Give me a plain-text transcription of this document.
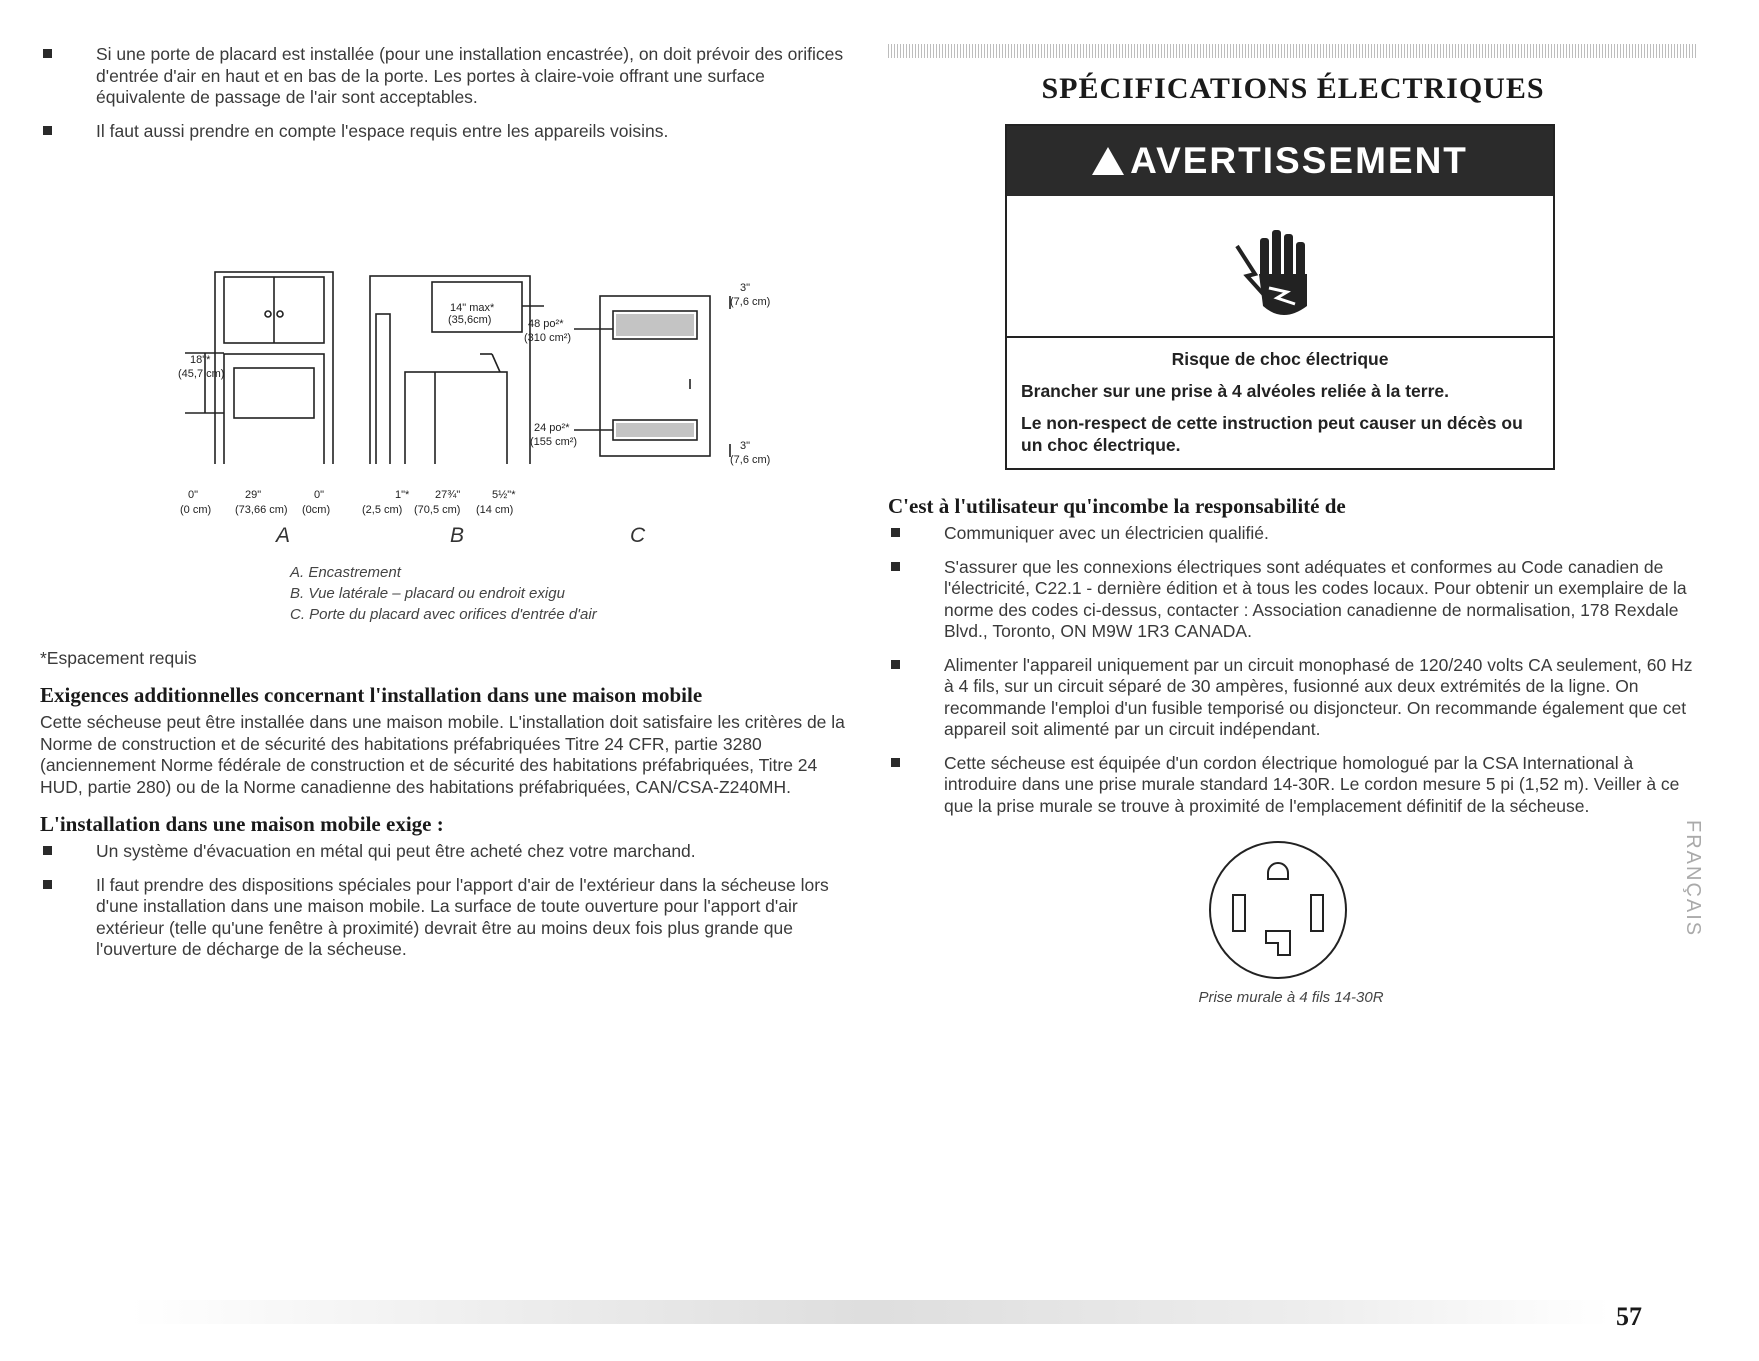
Si une porte de placard est installée (pour une installation encastrée), on doit prévoir des orifices d'entrée d'air en haut et en bas de la porte. Les portes à claire-voie offrant une surface équivalente de passage de l'air sont acceptables.
Il faut aussi prendre en compte l'espace requis entre les appareils voisins.
18"*
(45,7 cm)
0"
(0 cm)
29"
(73,66 cm)
0"
(0cm)
14" max*
(35,6cm)
1"*
(2,5 cm)
27¾"
(70,5 cm)
5½"*
(14 cm)
48 po²*
(310 cm²)
24 po²*
(155 cm²)
3"
(7,6 cm)
3"
(7,6 cm)
A	B	C
A. Encastrement
B. Vue latérale – placard ou endroit exigu
C. Porte du placard avec orifices d'entrée d'air
*Espacement requis
Exigences additionnelles concernant l'installation dans une maison mobile

Cette sécheuse peut être installée dans une maison mobile. L'installation doit satisfaire les critères de la Norme de construction et de sécurité des habitations préfabriquées Titre 24 CFR, partie 3280 (anciennement Norme fédérale de construction et de sécurité des habitations préfabriquées, Titre 24 HUD, partie 280) ou de la Norme canadienne des habitations préfabriquées, CAN/CSA-Z240MH.

L'installation dans une maison mobile exige :
Un système d'évacuation en métal qui peut être acheté chez votre marchand.
Il faut prendre des dispositions spéciales pour l'apport d'air de l'extérieur dans la sécheuse lors d'une installation dans une maison mobile. La surface de toute ouverture pour l'apport d'air extérieur (telle qu'une fenêtre à proximité) devrait être au moins deux fois plus grande que l'ouverture de décharge de la sécheuse.
SPÉCIFICATIONS ÉLECTRIQUES
AVERTISSEMENT
Risque de choc électrique
Brancher sur une prise à 4 alvéoles reliée à la terre.
Le non-respect de cette instruction peut causer un décès ou un choc électrique.
C'est à l'utilisateur qu'incombe la responsabilité de
Communiquer avec un électricien qualifié.
S'assurer que les connexions électriques sont adéquates et conformes au Code canadien de l'électricité, C22.1 - dernière édition et à tous les codes locaux. Pour obtenir un exemplaire de la norme des codes ci-dessus, contacter : Association canadienne de normalisation, 178 Rexdale Blvd., Toronto, ON M9W 1R3 CANADA.
Alimenter l'appareil uniquement par un circuit monophasé de 120/240 volts CA seulement, 60 Hz à 4 fils, sur un circuit séparé de 30 ampères, fusionné aux deux extrémités de la ligne. On recommande l'emploi d'un fusible temporisé ou disjoncteur. On recommande également que cet appareil soit alimenté par un circuit indépendant.
Cette sécheuse est équipée d'un cordon électrique homologué par la CSA International à introduire dans une prise murale standard 14-30R. Le cordon mesure 5 pi (1,52 m). Veiller à ce que la prise murale se trouve à proximité de l'emplacement définitif de la sécheuse.
Prise murale à 4 fils 14-30R
FRANÇAIS
57
